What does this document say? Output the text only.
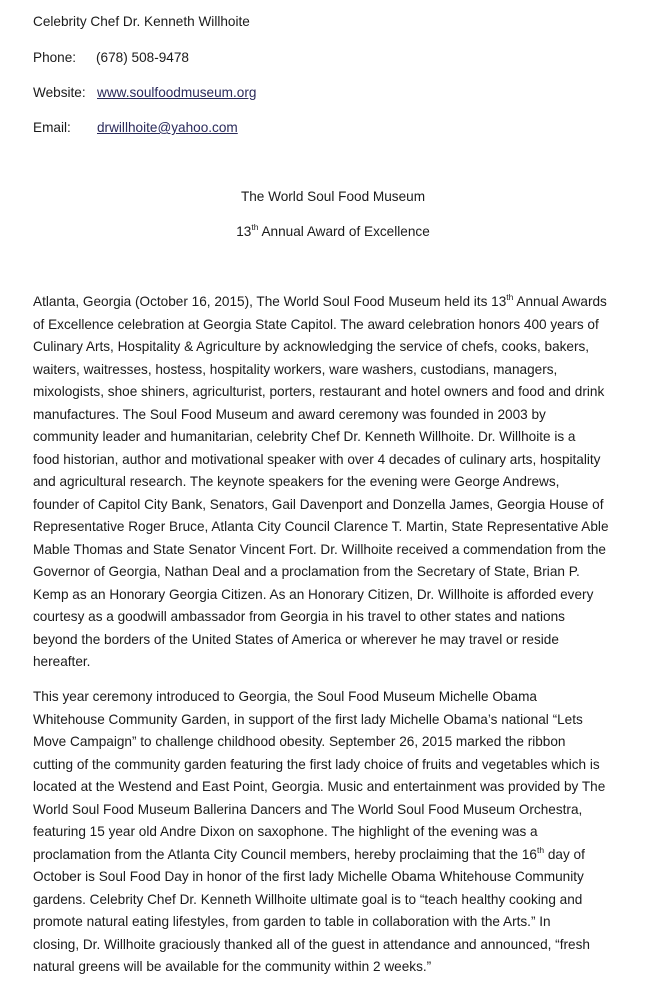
Celebrity Chef Dr. Kenneth Willhoite
Phone: (678) 508-9478
Website: www.soulfoodmuseum.org
Email: drwillhoite@yahoo.com
The World Soul Food Museum
13th Annual Award of Excellence
Atlanta, Georgia (October 16, 2015), The World Soul Food Museum held its 13th Annual Awards
of Excellence celebration at Georgia State Capitol. The award celebration honors 400 years of
Culinary Arts, Hospitality & Agriculture by acknowledging the service of chefs, cooks, bakers,
waiters, waitresses, hostess, hospitality workers, ware washers, custodians, managers,
mixologists, shoe shiners, agriculturist, porters, restaurant and hotel owners and food and drink
manufactures. The Soul Food Museum and award ceremony was founded in 2003 by
community leader and humanitarian, celebrity Chef Dr. Kenneth Willhoite. Dr. Willhoite is a
food historian, author and motivational speaker with over 4 decades of culinary arts, hospitality
and agricultural research. The keynote speakers for the evening were George Andrews,
founder of Capitol City Bank, Senators, Gail Davenport and Donzella James, Georgia House of
Representative Roger Bruce, Atlanta City Council Clarence T. Martin, State Representative Able
Mable Thomas and State Senator Vincent Fort. Dr. Willhoite received a commendation from the
Governor of Georgia, Nathan Deal and a proclamation from the Secretary of State, Brian P.
Kemp as an Honorary Georgia Citizen. As an Honorary Citizen, Dr. Willhoite is afforded every
courtesy as a goodwill ambassador from Georgia in his travel to other states and nations
beyond the borders of the United States of America or wherever he may travel or reside
hereafter.
This year ceremony introduced to Georgia, the Soul Food Museum Michelle Obama
Whitehouse Community Garden, in support of the first lady Michelle Obama’s national “Lets
Move Campaign” to challenge childhood obesity. September 26, 2015 marked the ribbon
cutting of the community garden featuring the first lady choice of fruits and vegetables which is
located at the Westend and East Point, Georgia. Music and entertainment was provided by The
World Soul Food Museum Ballerina Dancers and The World Soul Food Museum Orchestra,
featuring 15 year old Andre Dixon on saxophone. The highlight of the evening was a
proclamation from the Atlanta City Council members, hereby proclaiming that the 16th day of
October is Soul Food Day in honor of the first lady Michelle Obama Whitehouse Community
gardens. Celebrity Chef Dr. Kenneth Willhoite ultimate goal is to “teach healthy cooking and
promote natural eating lifestyles, from garden to table in collaboration with the Arts.” In
closing, Dr. Willhoite graciously thanked all of the guest in attendance and announced, “fresh
natural greens will be available for the community within 2 weeks.”
